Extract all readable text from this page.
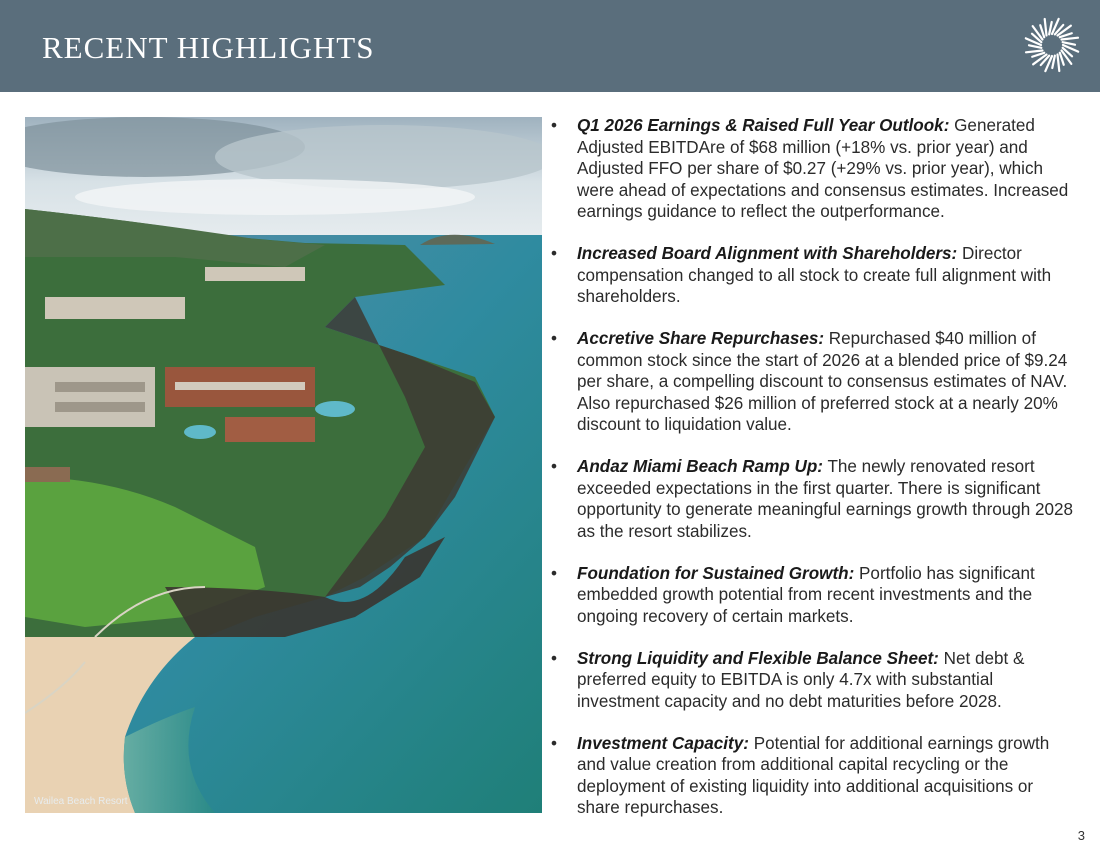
RECENT HIGHLIGHTS
Wailea Beach Resort
• Q1 2026 Earnings & Raised Full Year Outlook: Generated Adjusted EBITDAre of $68 million (+18% vs. prior year) and Adjusted FFO per share of $0.27 (+29% vs. prior year), which were ahead of expectations and consensus estimates. Increased earnings guidance to reflect the outperformance.
• Increased Board Alignment with Shareholders: Director compensation changed to all stock to create full alignment with shareholders.
• Accretive Share Repurchases: Repurchased $40 million of common stock since the start of 2026 at a blended price of $9.24 per share, a compelling discount to consensus estimates of NAV. Also repurchased $26 million of preferred stock at a nearly 20% discount to liquidation value.
• Andaz Miami Beach Ramp Up: The newly renovated resort exceeded expectations in the first quarter. There is significant opportunity to generate meaningful earnings growth through 2028 as the resort stabilizes.
• Foundation for Sustained Growth: Portfolio has significant embedded growth potential from recent investments and the ongoing recovery of certain markets.
• Strong Liquidity and Flexible Balance Sheet: Net debt & preferred equity to EBITDA is only 4.7x with substantial investment capacity and no debt maturities before 2028.
• Investment Capacity: Potential for additional earnings growth and value creation from additional capital recycling or the deployment of existing liquidity into additional acquisitions or share repurchases.
3
